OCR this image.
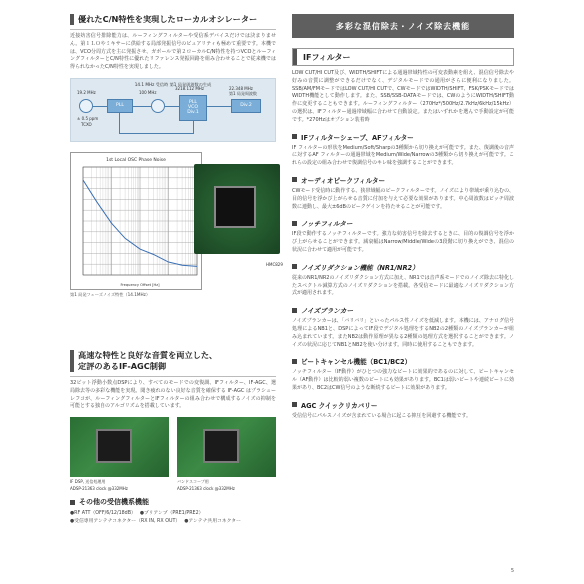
優れたC/N特性を実現したローカルオシレーター

近接妨害信号排除能力は、ルーフィングフィルターや受信系デバイスだけでは決まりません。第１ＬＯやミキサーに供給する局部発振信号のピュアリティも極めて重要です。本機では、VCO分周方式を主に発振させ、ガボールで第２ローカルC/N特性を持つVCOとルーフィングフィルターとC/N特性に優れたリファレンス発振回路を組み合わせることで従来機では得られなかったC/N特性を実現しました。

14.1 MHz 受信時 第1 局発周波数の生成
19.2 MHz
± 0.5 ppm
TCXO
PLL
100 MHz
3218.112 MHz
PLL
VCO
Div.1
22.348 MHz
第1 局発周波数
Div.2
1st Local OSC Phase Noise
Frequency Offset [Hz]
HMC829
第1 局発フェーズノイズ特性（14.1MHz）
高速な特性と良好な音質を両立した、
定評のあるIF-AGC制御

32ビット浮動小数点DSPにより、すべてのモードでの変復調、IFフィルター、IF-AGC、選局除去等の多彩な機能を実現。聞き疲れのない良好な音質を確保する IF-AGC はプラシューレフコが、ルーフィングフィルターとIFフィルターの組み合わせで構成するノイズの抑制を可能とする独自のアルゴリズムを搭載しています。

IF DSP, 送信処理用
ADSP-21363 clock @332MHz
バンドスコープ用
ADSP-21363 clock @332MHz
その他の受信機系機能
●RF ATT（OFF/6/12/18dB） ●プリアンプ（PRE1/PRE2）
●受信専用アンテナコネクター（RX IN, RX OUT） ●アンテナ共用コネクター
多彩な混信除去・ノイズ除去機能
IFフィルター

LOW CUT/HI CUT及び、WIDTH/SHIFTによる通過帯域特性の可変表動素を組え、混信信号除去や好みの音質に調整ができるだけでなく、デジタルモードでの通用がさらに便利になりました。SSB/AM/FMモードではLOW CUT/HI CUTで、CWモードではWIDTH/SHIFT、FSK/PSKモードではWIDTH機能として動作します。また、SSB/SSB-DATAモードでは、CWのようにWIDTH/SHIFT動作に変更することもできます。ルーフィングフィルター（270Hz*/500Hz/2.7kHz/6kHz/15kHz）の選択は、IFフィルター通過帯域幅に合わせて自動設定。またはいずれかを選んで手動設定が可能です。*270Hzはオプション装着時

IFフィルターシェープ、AFフィルター

IF フィルターの形状をMedium/Soft/Sharpの3種類から切り換えが可能です。また、復調後の音声に対するAF フィルターの通過帯域をMedium/Wide/Narrowの3種類から切り換えが可能です。これらの設定の組み合わせで復調信号のキレ味を強調することができます。

オーディオピークフィルター

CWモード受信時に動作する、狭帯域幅のピークフィルターです。ノイズにより帯域が乗り込むの、目的信号を浮かび上がらせる音質に付加を与えて必要な効果があります。中心周波数はピッチ周波数に連動し、最大±6dBのピークゲインを持たせることが可能です。

ノッチフィルター

IF段で動作するノッチフィルターです。強力な妨害信号を除去するときに、目的の復調信号を浮かび上がらせることができます。減衰幅はNarrow/Middle/Wideの3段階に切り換えができ、混信の状況に合わせて適用が可能です。

ノイズリダクション機能（NR1/NR2）

従来のNR1/NR2のノイズリダクション方式に加え、NR1では音声系モードでのノイズ除去に特化したスペクトル減算方式のノイズリダクションを搭載。各受信モードに最適なノイズリダクション方式が適用されます。

ノイズブランカー

ノイズブランカーは、「バリバリ」といったパルス性ノイズを低減します。本機には、アナログ信号処理によるNB1と、DSPによってIF段でデジタル処理をするNB2の2種類のノイズブランカーが組み込まれています。またNB2は動作原理が異なる2種類の処理方式を選択することができます。ノイズの状況に応じてNB1とNB2を使い分けます。同時に使用することもできます。

ビートキャンセル機能（BC1/BC2）

ノッチフィルター（IF動作）がひとつの強力なビートに効果的であるのに対して、ビートキャンセル（AF動作）は比較的弱い複数のビートにも効果があります。BC1は弱いビートや連続ビートに効果があり、BC2はCW信号のような断続するビートに効果があります。

AGC クイックリカバリー

受信信号にパルスノイズが含まれている場合に起こる抑圧を回避する機能です。

5
